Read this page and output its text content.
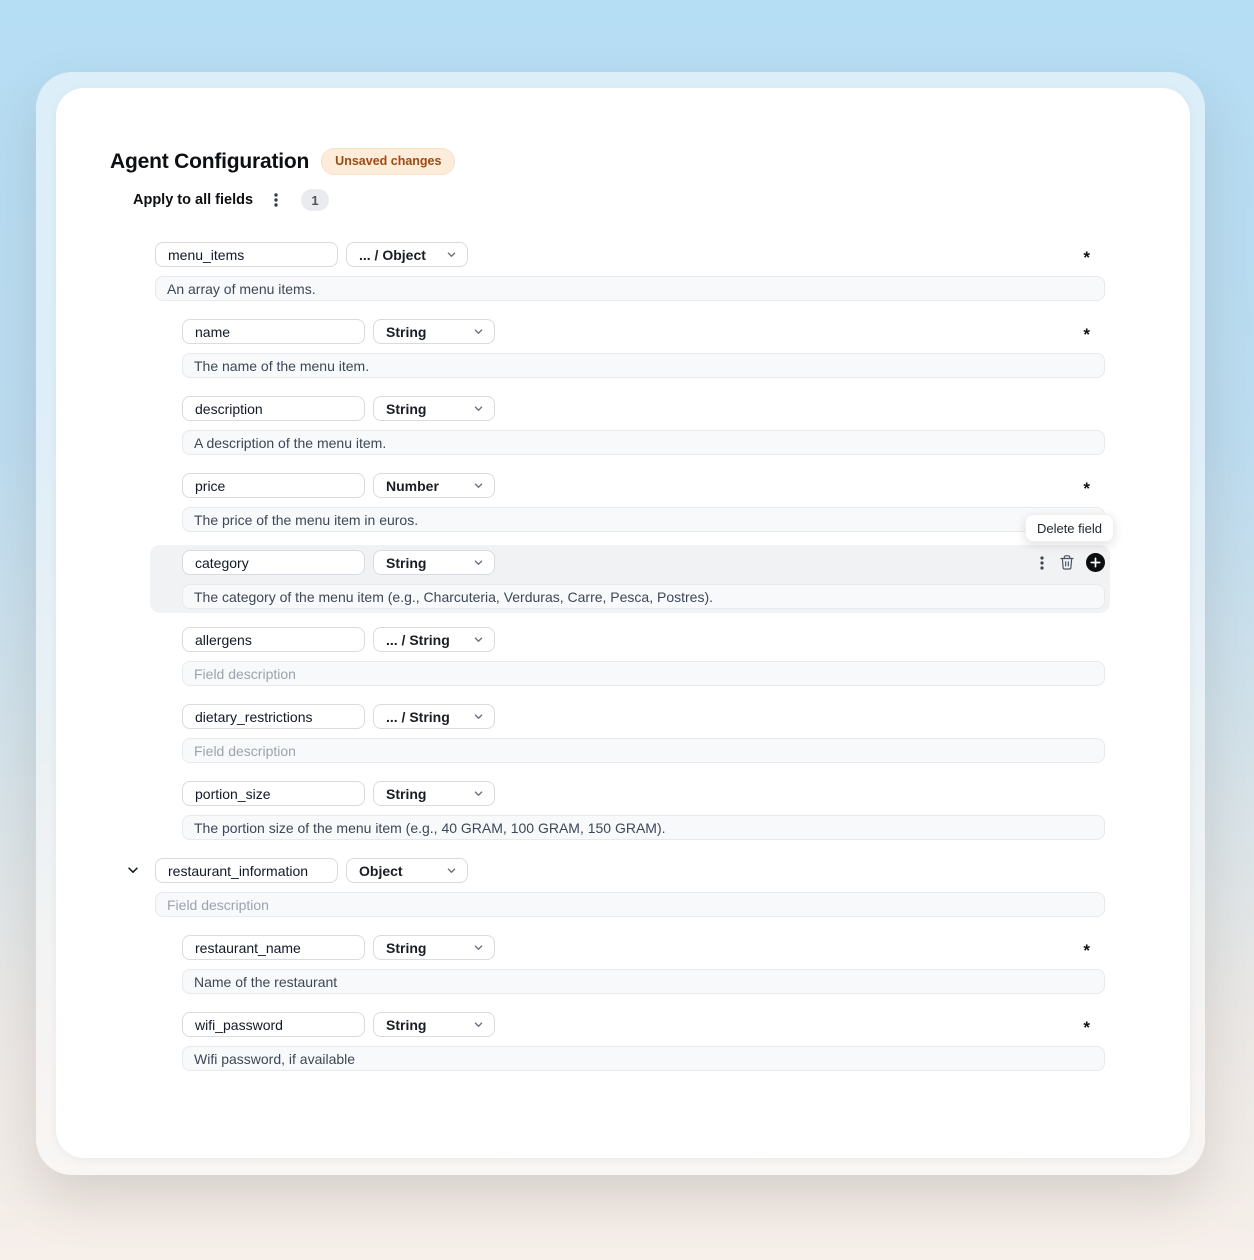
Agent Configuration	Unsaved changes
Apply to all fields	1
menu_items
... / Object	*
An array of menu items.
name
String	*
The name of the menu item.
description
String
A description of the menu item.
price
Number	*
The price of the menu item in euros.
Delete field
category
String
The category of the menu item (e.g., Charcuteria, Verduras, Carre, Pesca, Postres).
allergens
... / String
Field description
dietary_restrictions
... / String
Field description
portion_size
String
The portion size of the menu item (e.g., 40 GRAM, 100 GRAM, 150 GRAM).
restaurant_information
Object
Field description
restaurant_name
String	*
Name of the restaurant
wifi_password
String	*
Wifi password, if available
